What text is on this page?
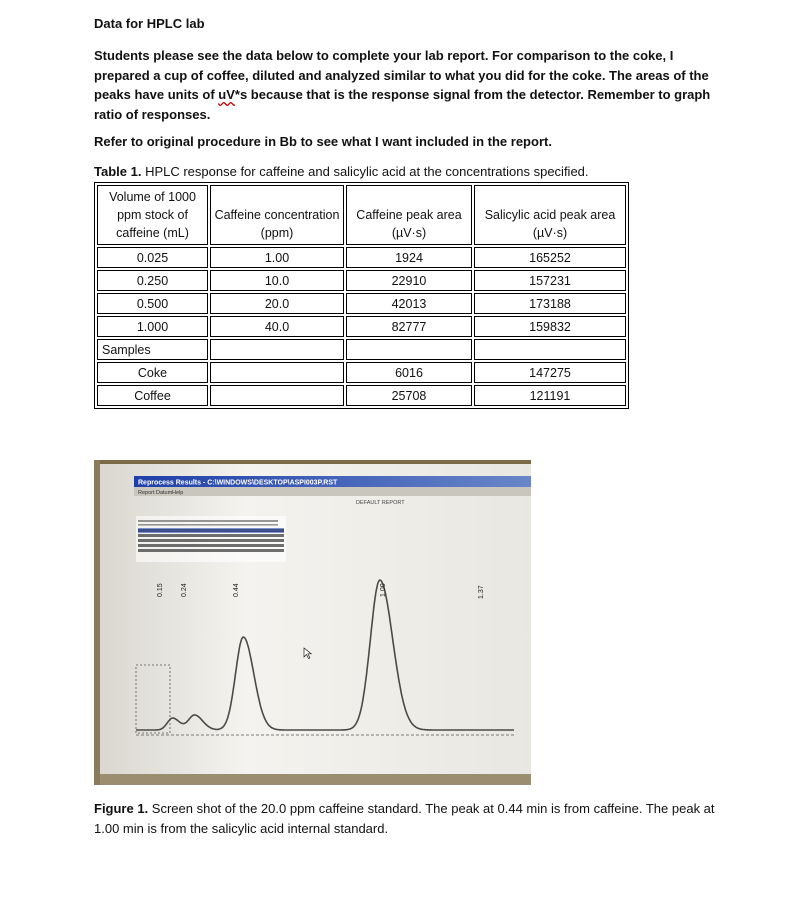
Data for HPLC lab
Students please see the data below to complete your lab report. For comparison to the coke, I prepared a cup of coffee, diluted and analyzed similar to what you did for the coke. The areas of the peaks have units of uV*s because that is the response signal from the detector. Remember to graph ratio of responses.
Refer to original procedure in Bb to see what I want included in the report.
Table 1. HPLC response for caffeine and salicylic acid at the concentrations specified.
Volume of 1000 ppm stock of caffeine (mL)	Caffeine concentration (ppm)	Caffeine peak area (µV·s)	Salicylic acid peak area (µV·s)
0.025	1.00	1924	165252
0.250	10.0	22910	157231
0.500	20.0	42013	173188
1.000	40.0	82777	159832
Samples			
Coke		6016	147275
Coffee		25708	121191
Reprocess Results - C:\WINDOWS\DESKTOP\ASPI003P.RST
Report Datum Help
DEFAULT REPORT
0.15 0.24	0.44	1.00	1.37
Figure 1. Screen shot of the 20.0 ppm caffeine standard. The peak at 0.44 min is from caffeine. The peak at 1.00 min is from the salicylic acid internal standard.
